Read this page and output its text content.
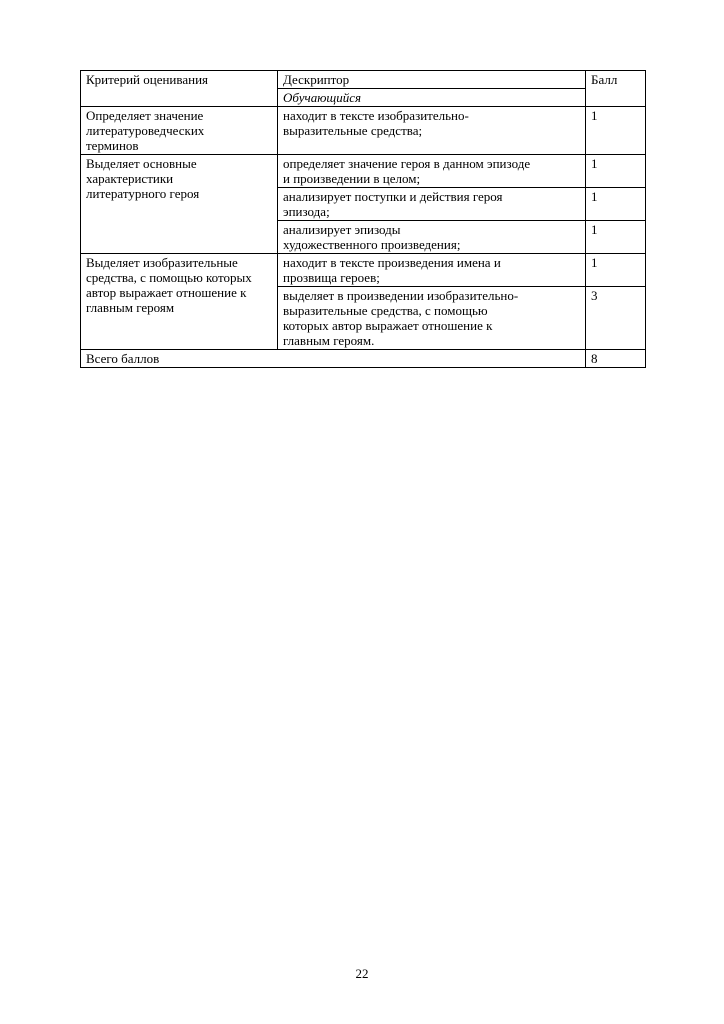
Критерий оценивания	Дескриптор	Балл
	Обучающийся	
Определяет значение
литературоведческих
терминов	находит в тексте изобразительно-
выразительные средства;	1
Выделяет основные
характеристики
литературного героя	определяет значение героя в данном эпизоде
и произведении в целом;	1
	анализирует поступки и действия героя
эпизода;	1
	анализирует эпизоды
художественного произведения;	1
Выделяет изобразительные
средства, с помощью которых
автор выражает отношение к
главным героям	находит в тексте произведения имена и
прозвища героев;	1
	выделяет в произведении изобразительно-
выразительные средства, с помощью
которых автор выражает отношение к
главным героям.	3
Всего баллов		8
22
